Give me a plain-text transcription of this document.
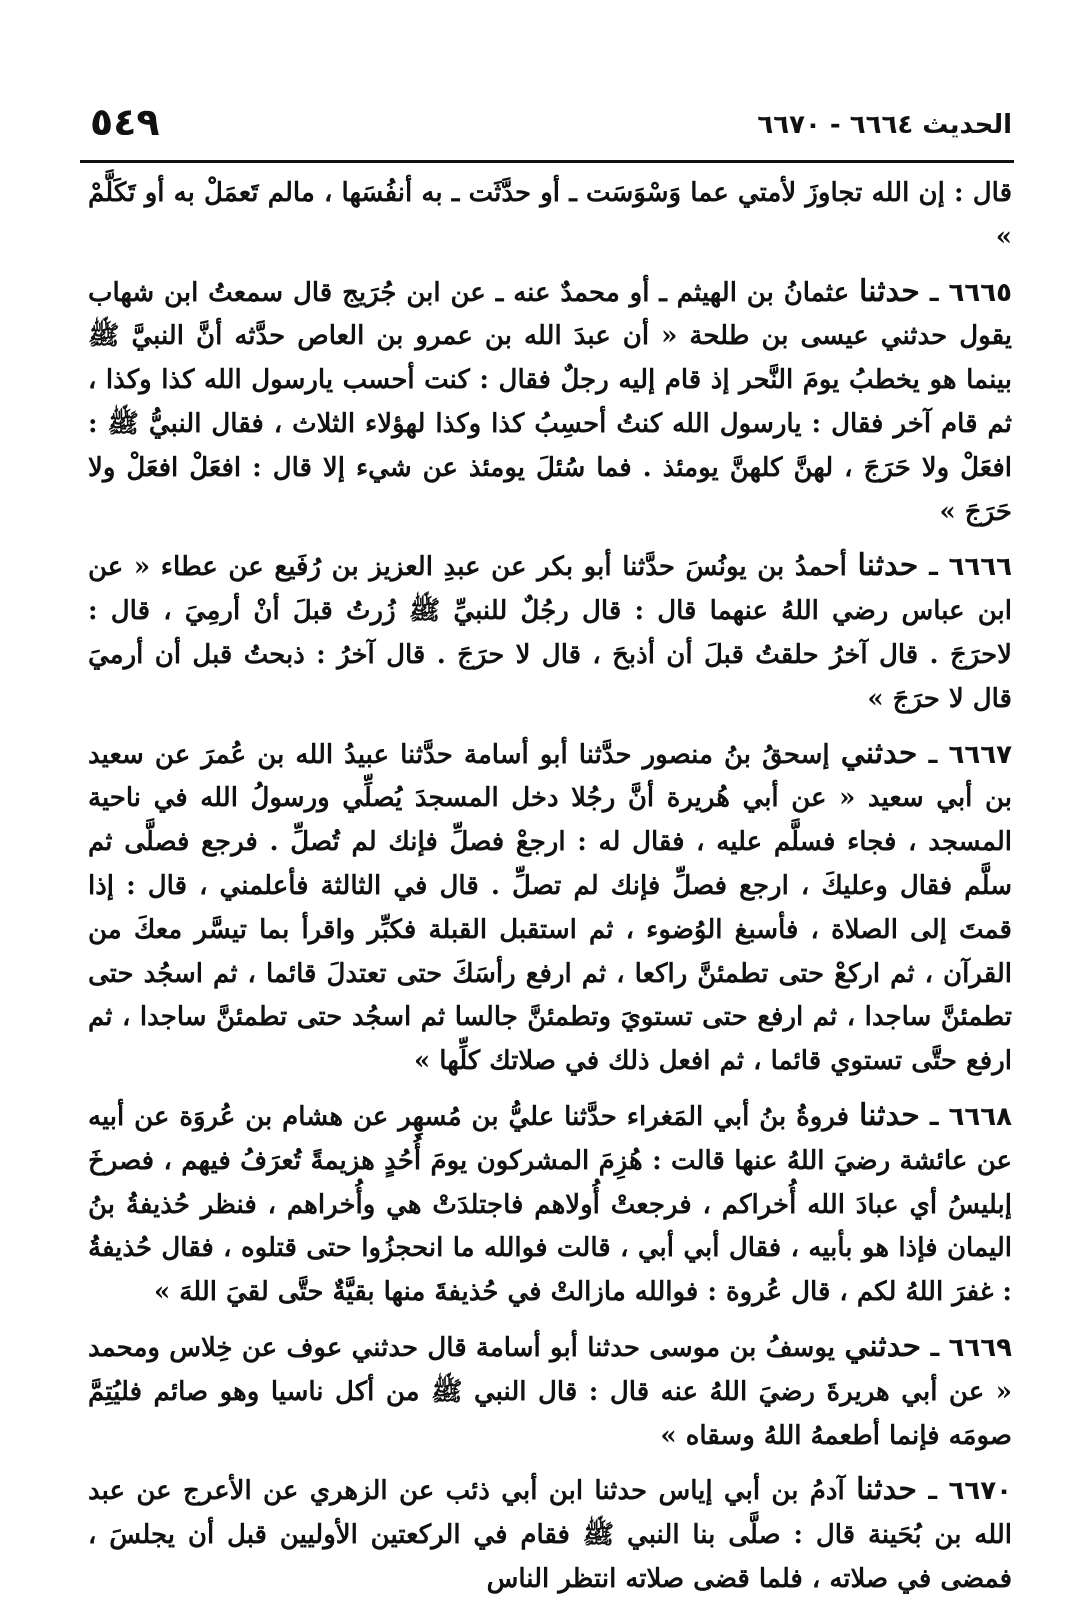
الحديث ٦٦٦٤ - ٦٦٧٠
٥٤٩

قال : إن الله تجاوزَ لأمتي عما وَسْوَسَت ـ أو حدَّثَت ـ به أنفُسَها ، مالم تَعمَلْ به أو تَكَلَّمْ »

٦٦٦٥ ـ حدثنا عثمانُ بن الهيثم ـ أو محمدٌ عنه ـ عن ابن جُرَيج قال سمعتُ ابن شهاب يقول حدثني عيسى بن طلحة « أن عبدَ الله بن عمرو بن العاص حدَّثه أنَّ النبيَّ ﷺ بينما هو يخطبُ يومَ النَّحر إذ قام إليه رجلٌ فقال : كنت أحسب يارسول الله كذا وكذا ، ثم قام آخر فقال : يارسول الله كنتُ أحسِبُ كذا وكذا لهؤلاء الثلاث ، فقال النبيُّ ﷺ : افعَلْ ولا حَرَجَ ، لهنَّ كلهنَّ يومئذ . فما سُئلَ يومئذ عن شيء إلا قال : افعَلْ افعَلْ ولا حَرَجَ »

٦٦٦٦ ـ حدثنا أحمدُ بن يونُسَ حدَّثنا أبو بكر عن عبدِ العزيز بن رُفَيع عن عطاء « عن ابن عباس رضي اللهُ عنهما قال : قال رجُلٌ للنبيِّ ﷺ زُرتُ قبلَ أنْ أرمِيَ ، قال : لاحرَجَ . قال آخرُ حلقتُ قبلَ أن أذبحَ ، قال لا حرَجَ . قال آخرُ : ذبحتُ قبل أن أرميَ قال لا حرَجَ »

٦٦٦٧ ـ حدثني إسحقُ بنُ منصور حدَّثنا أبو أسامة حدَّثنا عبيدُ الله بن عُمرَ عن سعيد بن أبي سعيد « عن أبي هُريرة أنَّ رجُلا دخل المسجدَ يُصلِّي ورسولُ الله في ناحية المسجد ، فجاء فسلَّم عليه ، فقال له : ارجعْ فصلِّ فإنك لم تُصلِّ . فرجع فصلَّى ثم سلَّم فقال وعليكَ ، ارجع فصلِّ فإنك لم تصلِّ . قال في الثالثة فأعلمني ، قال : إذا قمتَ إلى الصلاة ، فأسبغ الوُضوء ، ثم استقبل القبلة فكبِّر واقرأ بما تيسَّر معكَ من القرآن ، ثم اركعْ حتى تطمئنَّ راكعا ، ثم ارفع رأسَكَ حتى تعتدلَ قائما ، ثم اسجُد حتى تطمئنَّ ساجدا ، ثم ارفع حتى تستويَ وتطمئنَّ جالسا ثم اسجُد حتى تطمئنَّ ساجدا ، ثم ارفع حتَّى تستوي قائما ، ثم افعل ذلك في صلاتك كلِّها »

٦٦٦٨ ـ حدثنا فروةُ بنُ أبي المَغراء حدَّثنا عليُّ بن مُسهِر عن هشام بن عُروَة عن أبيه عن عائشة رضيَ اللهُ عنها قالت : هُزِمَ المشركون يومَ أُحُدٍ هزيمةً تُعرَفُ فيهم ، فصرخَ إبليسُ أي عبادَ الله أُخراكم ، فرجعتْ أُولاهم فاجتلدَتْ هي وأُخراهم ، فنظر حُذيفةُ بنُ اليمان فإذا هو بأبيه ، فقال أبي أبي ، قالت فوالله ما انحجزُوا حتى قتلوه ، فقال حُذيفةُ : غفرَ اللهُ لكم ، قال عُروة : فوالله مازالتْ في حُذيفةَ منها بقيَّةٌ حتَّى لقيَ اللهَ »

٦٦٦٩ ـ حدثني يوسفُ بن موسى حدثنا أبو أسامة قال حدثني عوف عن خِلاس ومحمد « عن أبي هريرةَ رضيَ اللهُ عنه قال : قال النبي ﷺ من أكل ناسيا وهو صائم فليُتِمَّ صومَه فإنما أطعمهُ اللهُ وسقاه »

٦٦٧٠ ـ حدثنا آدمُ بن أبي إياس حدثنا ابن أبي ذئب عن الزهري عن الأعرج عن عبد الله بن بُحَينة قال : صلَّى بنا النبي ﷺ فقام في الركعتين الأوليين قبل أن يجلسَ ، فمضى في صلاته ، فلما قضى صلاته انتظر الناس
